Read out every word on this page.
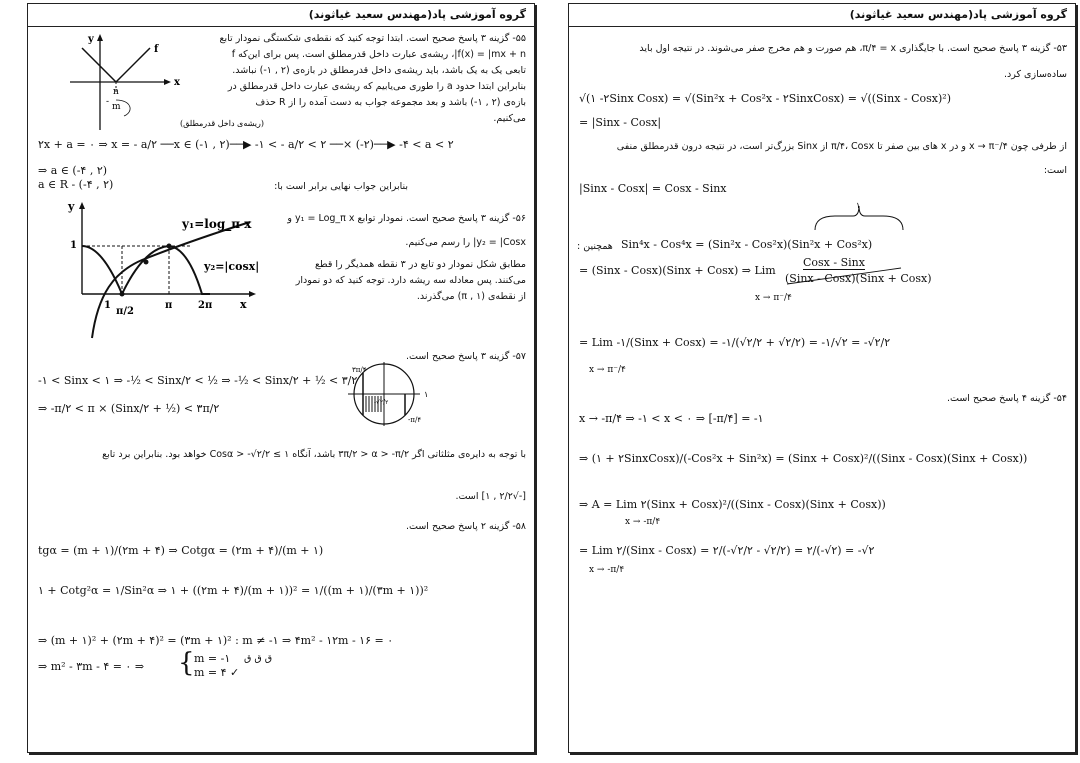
گروه آموزشی پاد(مهندس سعید غیاثوند)
y
f
x
n
m
-
(ریشه‌ی داخل قدرمطلق)
۵۵- گزینه ۳ پاسخ صحیح است. ابتدا توجه کنید که نقطه‌ی شکستگی نمودار تابع
f(x) = |mx + n|، ریشه‌ی عبارت داخل قدرمطلق است. پس برای این‌که f
تابعی یک به یک باشد، باید ریشه‌ی داخل قدرمطلق در بازه‌ی (۲ , ۱-) نباشد.
بنابراین ابتدا حدود a را طوری می‌یابیم که ریشه‌ی عبارت داخل قدرمطلق در
بازه‌ی (۲ , ۱-) باشد و بعد مجموعه جواب به دست آمده را از R حذف
می‌کنیم.
۲x + a = ۰ ⇒ x = - a/۲ ──x ∈ (-۱ , ۲)──▶ -۱ < - a/۲ < ۲ ──× (-۲)──▶ -۴ < a < ۲
⇒ a ∈ (-۴ , ۲)
a ∈ R - (-۴ , ۲)	بنابراین جواب نهایی برابر است با:
y
1
y₁=log_π x
y₂=|cosx|
1
π/2
π	2π	x
۵۶- گزینه ۳ پاسخ صحیح است. نمودار توابع y₁ = Log_π x و
y₂ = |Cosx| را رسم می‌کنیم.
مطابق شکل نمودار دو تابع در ۳ نقطه همدیگر را قطع
می‌کنند. پس معادله سه ریشه دارد. توجه کنید که دو نمودار
از نقطه‌ی (π , ۱) می‌گذرند.
۵۷- گزینه ۳ پاسخ صحیح است.
-۱ < Sinx < ۱ ⇒ -½ < Sinx/۲ < ½ ⇒ -½ < Sinx/۲ + ½ < ۳/۲
⇒ -π/۲ < π × (Sinx/۲ + ½) < ۳π/۲
۳π/۴
۱
-√۲/۲
-π/۴
با توجه به دایره‌ی مثلثاتی اگر ۳π/۲ > α > -π/۲ باشد، آنگاه ۱ ≥ Cosα > -√۲/۲ خواهد بود. بنابراین برد تابع
[-√۲/۲ , ۱] است.
۵۸- گزینه ۲ پاسخ صحیح است.
tgα = (m + ۱)/(۲m + ۴) ⇒ Cotgα = (۲m + ۴)/(m + ۱)
۱ + Cotg²α = ۱/Sin²α ⇒ ۱ + ((۲m + ۴)/(m + ۱))² = ۱/((m + ۱)/(۳m + ۱))²
⇒ (m + ۱)² + (۲m + ۴)² = (۳m + ۱)² : m ≠ -۱ ⇒ ۴m² - ۱۲m - ۱۶ = ۰
⇒ m² - ۳m - ۴ = ۰ ⇒ { m = -۱ ق ق ق
m = ۴ ✓
گروه آموزشی پاد(مهندس سعید غیاثوند)
۵۳- گزینه ۳ پاسخ صحیح است. با جایگذاری π/۴ = x، هم صورت و هم مخرج صفر می‌شوند. در نتیجه اول باید
ساده‌سازی کرد.
√(۱ -۲Sinx Cosx) = √(Sin²x + Cos²x - ۲SinxCosx) = √((Sinx - Cosx)²)
= |Sinx - Cosx|
از طرفی چون x → π⁻/۴ و در x های بین صفر تا π/۴، Cosx از Sinx بزرگ‌تر است، در نتیجه درون قدرمطلق منفی
است:
|Sinx - Cosx| = Cosx - Sinx
۱
همچنین : Sin⁴x - Cos⁴x = (Sin²x - Cos²x)(Sin²x + Cos²x)
= (Sinx - Cosx)(Sinx + Cosx) ⇒ Lim
Cosx - Sinx
(Sinx - Cosx)(Sinx + Cosx)
x → π⁻/۴
= Lim -۱/(Sinx + Cosx) = -۱/(√۲/۲ + √۲/۲) = -۱/√۲ = -√۲/۲
x → π⁻/۴
۵۴- گزینه ۴ پاسخ صحیح است.
x → -π/۴ ⇒ -۱ < x < ۰ ⇒ [-π/۴] = -۱
⇒ (۱ + ۲SinxCosx)/(-Cos²x + Sin²x) = (Sinx + Cosx)²/((Sinx - Cosx)(Sinx + Cosx))
⇒ A = Lim ۲(Sinx + Cosx)²/((Sinx - Cosx)(Sinx + Cosx))
x → -π/۴
= Lim ۲/(Sinx - Cosx) = ۲/(-√۲/۲ - √۲/۲) = ۲/(-√۲) = -√۲
x → -π/۴
